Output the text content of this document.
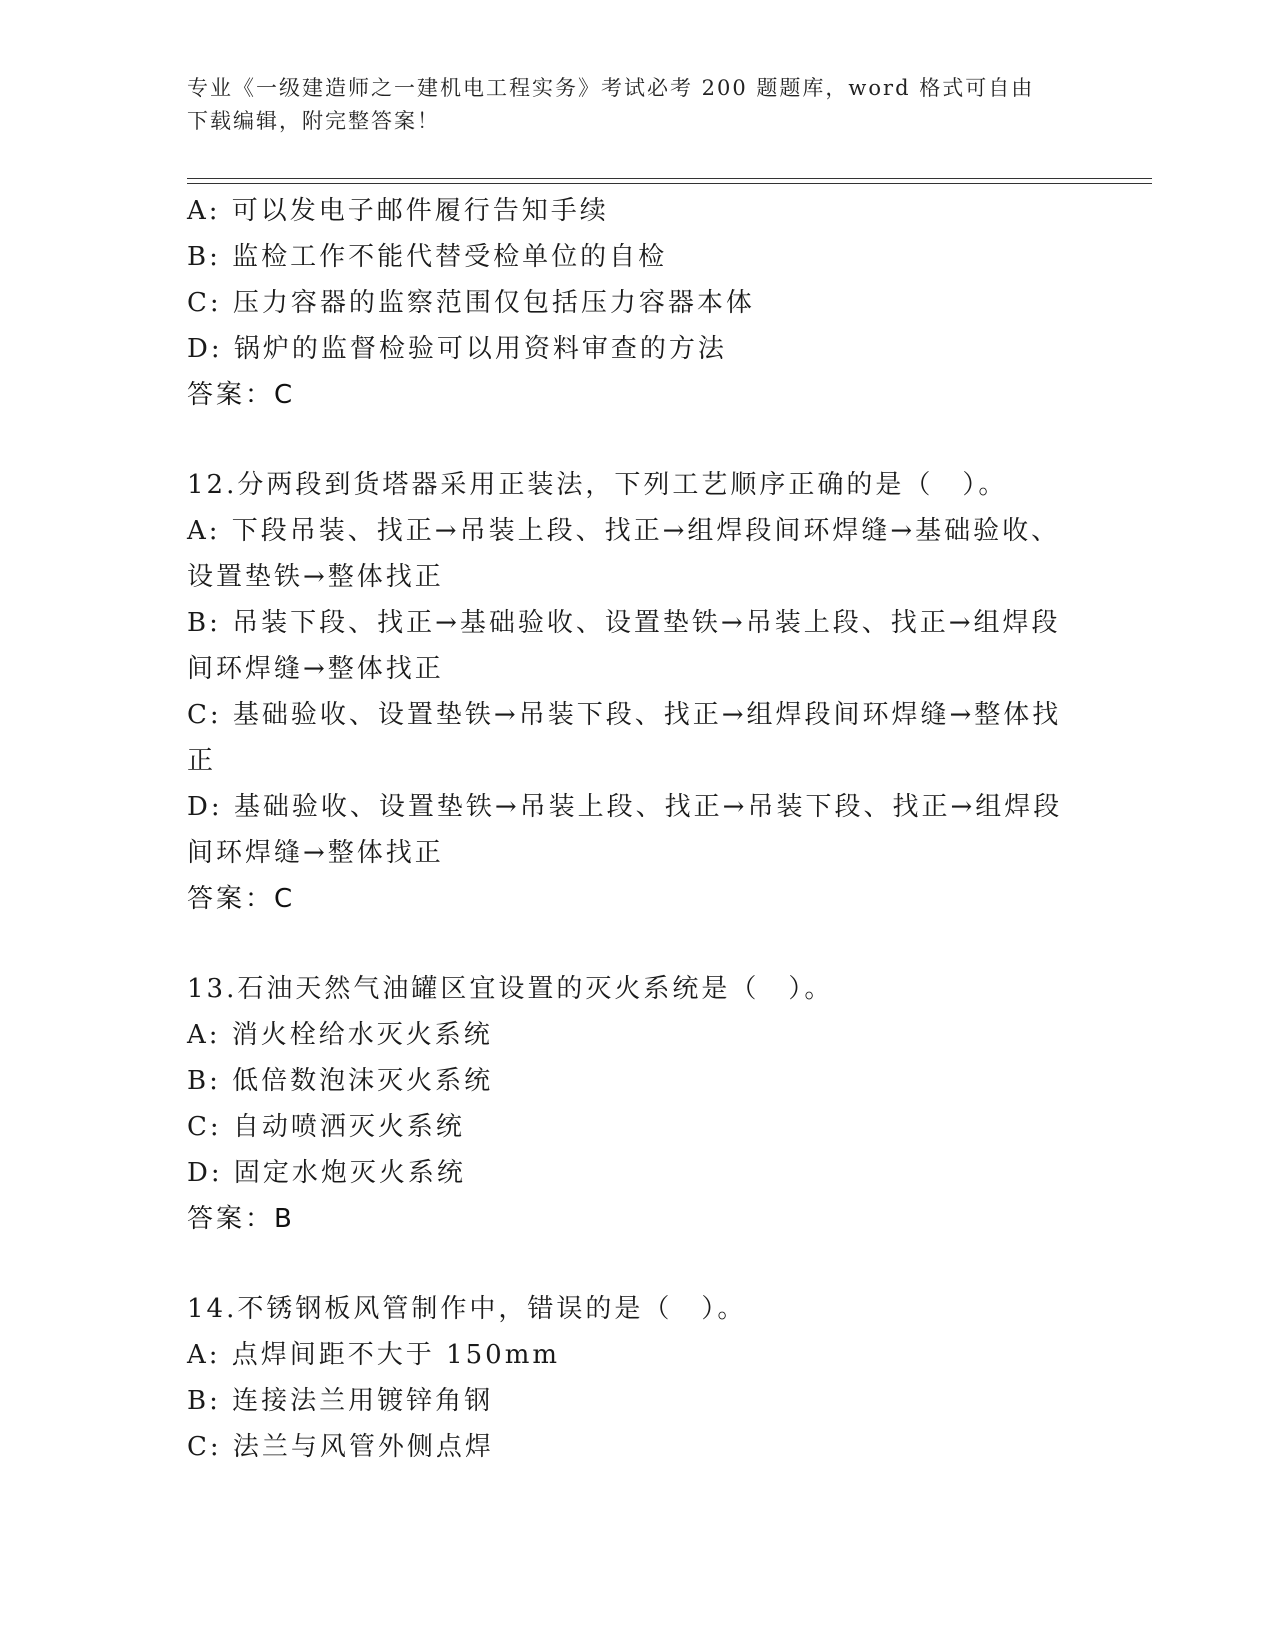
专业《一级建造师之一建机电工程实务》考试必考 200 题题库，word 格式可自由
下载编辑，附完整答案！
A: 可以发电子邮件履行告知手续
B: 监检工作不能代替受检单位的自检
C: 压力容器的监察范围仅包括压力容器本体
D: 锅炉的监督检验可以用资料审查的方法
答案：C
12.分两段到货塔器采用正装法，下列工艺顺序正确的是（　）。
A: 下段吊装、找正→吊装上段、找正→组焊段间环焊缝→基础验收、
设置垫铁→整体找正
B: 吊装下段、找正→基础验收、设置垫铁→吊装上段、找正→组焊段
间环焊缝→整体找正
C: 基础验收、设置垫铁→吊装下段、找正→组焊段间环焊缝→整体找
正
D: 基础验收、设置垫铁→吊装上段、找正→吊装下段、找正→组焊段
间环焊缝→整体找正
答案：C
13.石油天然气油罐区宜设置的灭火系统是（　）。
A: 消火栓给水灭火系统
B: 低倍数泡沫灭火系统
C: 自动喷洒灭火系统
D: 固定水炮灭火系统
答案：B
14.不锈钢板风管制作中，错误的是（　）。
A: 点焊间距不大于 150mm
B: 连接法兰用镀锌角钢
C: 法兰与风管外侧点焊
